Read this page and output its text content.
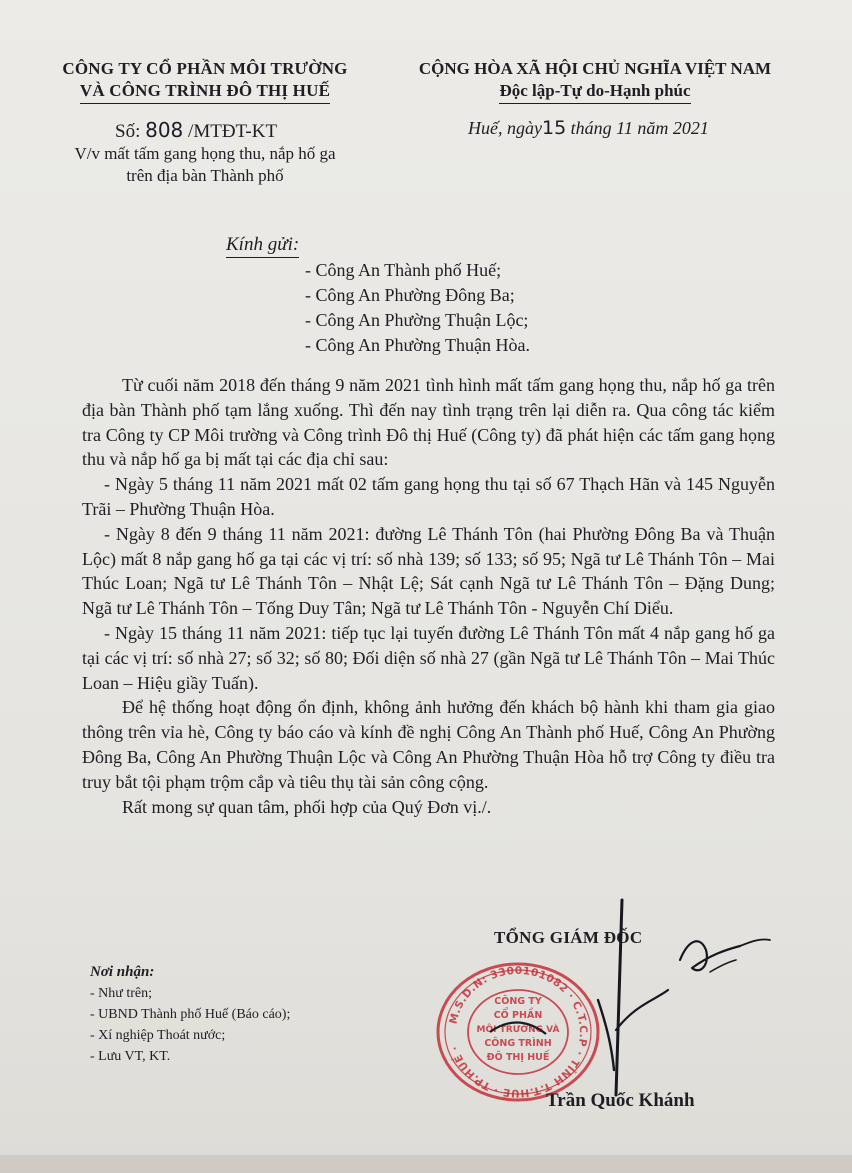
CÔNG TY CỔ PHẦN MÔI TRƯỜNG
VÀ CÔNG TRÌNH ĐÔ THỊ HUẾ
CỘNG HÒA XÃ HỘI CHỦ NGHĨA VIỆT NAM
Độc lập-Tự do-Hạnh phúc
Số: 808 /MTĐT-KT
V/v mất tấm gang họng thu, nắp hố ga
trên địa bàn Thành phố
Huế, ngày15 tháng 11 năm 2021
Kính gửi:
- Công An Thành phố Huế;
- Công An Phường Đông Ba;
- Công An Phường Thuận Lộc;
- Công An Phường Thuận Hòa.

Từ cuối năm 2018 đến tháng 9 năm 2021 tình hình mất tấm gang họng thu, nắp hố ga trên địa bàn Thành phố tạm lắng xuống. Thì đến nay tình trạng trên lại diễn ra. Qua công tác kiểm tra Công ty CP Môi trường và Công trình Đô thị Huế (Công ty) đã phát hiện các tấm gang họng thu và nắp hố ga bị mất tại các địa chỉ sau:

- Ngày 5 tháng 11 năm 2021 mất 02 tấm gang họng thu tại số 67 Thạch Hãn và 145 Nguyễn Trãi – Phường Thuận Hòa.

- Ngày 8 đến 9 tháng 11 năm 2021: đường Lê Thánh Tôn (hai Phường Đông Ba và Thuận Lộc) mất 8 nắp gang hố ga tại các vị trí: số nhà 139; số 133; số 95; Ngã tư Lê Thánh Tôn – Mai Thúc Loan; Ngã tư Lê Thánh Tôn – Nhật Lệ; Sát cạnh Ngã tư Lê Thánh Tôn – Đặng Dung; Ngã tư Lê Thánh Tôn – Tống Duy Tân; Ngã tư Lê Thánh Tôn - Nguyễn Chí Diểu.

- Ngày 15 tháng 11 năm 2021: tiếp tục lại tuyến đường Lê Thánh Tôn mất 4 nắp gang hố ga tại các vị trí: số nhà 27; số 32; số 80; Đối diện số nhà 27 (gần Ngã tư Lê Thánh Tôn – Mai Thúc Loan – Hiệu giầy Tuấn).

Để hệ thống hoạt động ổn định, không ảnh hưởng đến khách bộ hành khi tham gia giao thông trên vỉa hè, Công ty báo cáo và kính đề nghị Công An Thành phố Huế, Công An Phường Đông Ba, Công An Phường Thuận Lộc và Công An Phường Thuận Hòa hỗ trợ Công ty điều tra truy bắt tội phạm trộm cắp và tiêu thụ tài sản công cộng.

Rất mong sự quan tâm, phối hợp của Quý Đơn vị./.

TỔNG GIÁM ĐỐC
Nơi nhận:
- Như trên;
- UBND Thành phố Huế (Báo cáo);
- Xí nghiệp Thoát nước;
- Lưu VT, KT.
M.S.D.N: 3300101082 · C.T.C.P · TỈNH T.T.HUẾ · TP.HUẾ ·
CÔNG TY
CỔ PHẦN
MÔI TRƯỜNG VÀ
CÔNG TRÌNH
ĐÔ THỊ HUẾ
Trần Quốc Khánh
